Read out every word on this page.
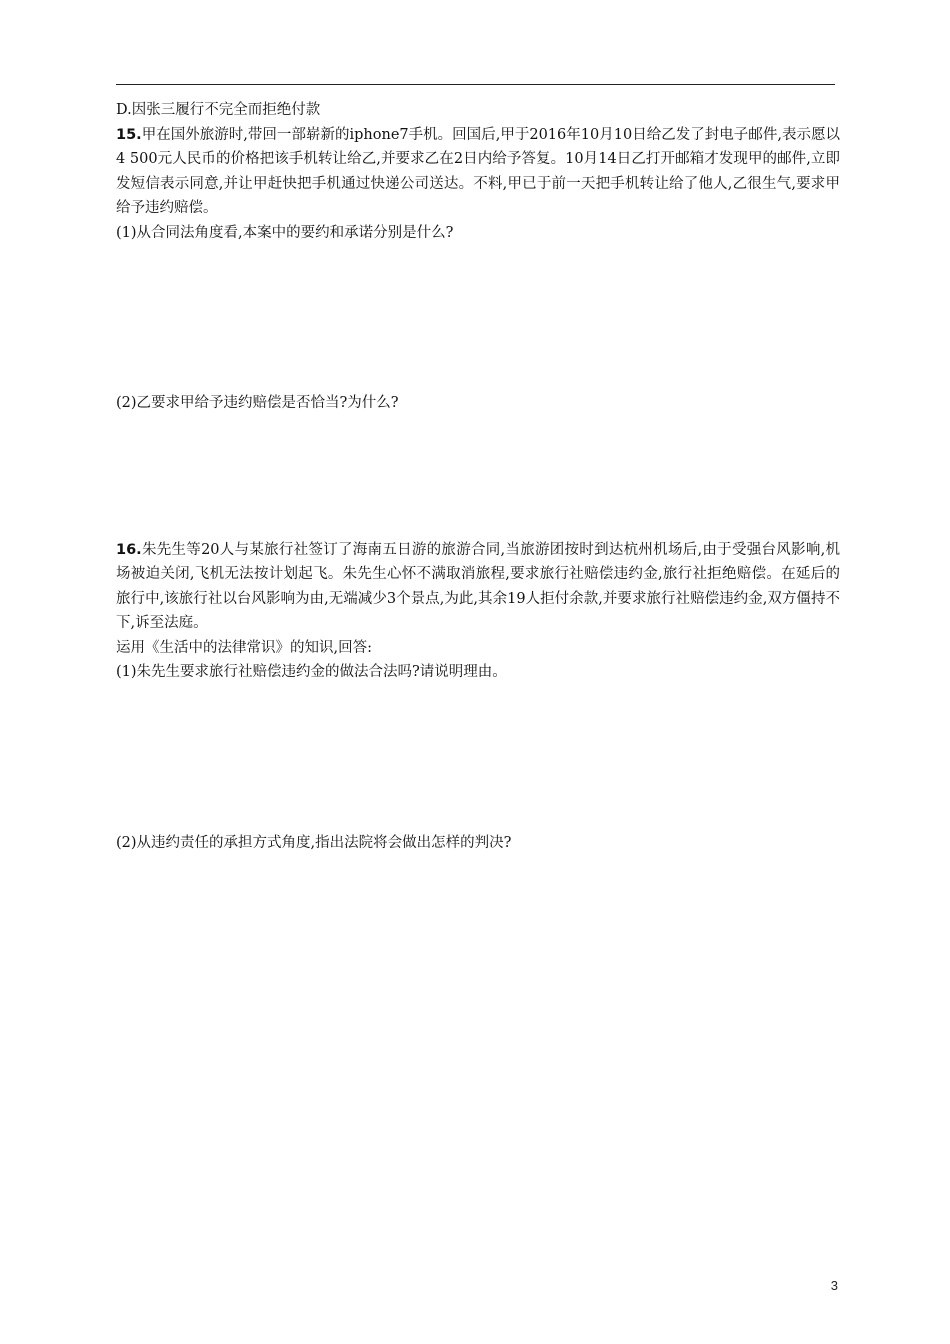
D.因张三履行不完全而拒绝付款

15.甲在国外旅游时,带回一部崭新的iphone7手机。回国后,甲于2016年10月10日给乙发了封电子邮件,表示愿以4 500元人民币的价格把该手机转让给乙,并要求乙在2日内给予答复。10月14日乙打开邮箱才发现甲的邮件,立即发短信表示同意,并让甲赶快把手机通过快递公司送达。不料,甲已于前一天把手机转让给了他人,乙很生气,要求甲给予违约赔偿。

(1)从合同法角度看,本案中的要约和承诺分别是什么?

(2)乙要求甲给予违约赔偿是否恰当?为什么?

16.朱先生等20人与某旅行社签订了海南五日游的旅游合同,当旅游团按时到达杭州机场后,由于受强台风影响,机场被迫关闭,飞机无法按计划起飞。朱先生心怀不满取消旅程,要求旅行社赔偿违约金,旅行社拒绝赔偿。在延后的旅行中,该旅行社以台风影响为由,无端减少3个景点,为此,其余19人拒付余款,并要求旅行社赔偿违约金,双方僵持不下,诉至法庭。

运用《生活中的法律常识》的知识,回答:

(1)朱先生要求旅行社赔偿违约金的做法合法吗?请说明理由。

(2)从违约责任的承担方式角度,指出法院将会做出怎样的判决?

3
